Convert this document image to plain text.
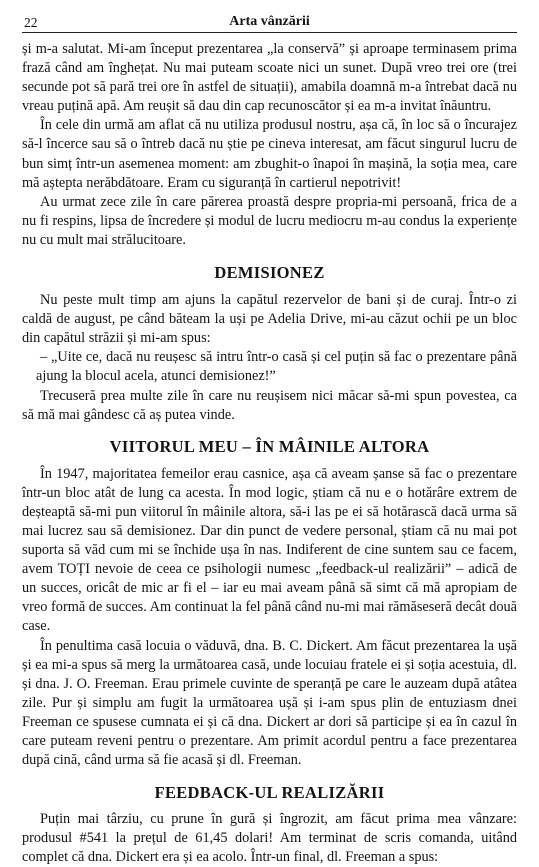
22	Arta vânzării

și m-a salutat. Mi-am început prezentarea „la conservă” și aproape terminasem prima frază când am înghețat. Nu mai puteam scoate nici un sunet. După vreo trei ore (trei secunde pot să pară trei ore în astfel de situații), amabila doamnă m-a întrebat dacă nu vreau puțină apă. Am reușit să dau din cap recunoscător și ea m-a invitat înăuntru.

În cele din urmă am aflat că nu utiliza produsul nostru, așa că, în loc să o încurajez să-l încerce sau să o întreb dacă nu știe pe cineva interesat, am făcut singurul lucru de bun simț într-un asemenea moment: am zbughit-o înapoi în mașină, la soția mea, care mă aștepta nerăbdătoare. Eram cu siguranță în cartierul nepotrivit!

Au urmat zece zile în care părerea proastă despre propria-mi persoană, frica de a nu fi respins, lipsa de încredere și modul de lucru mediocru m-au condus la experiențe nu cu mult mai strălucitoare.

DEMISIONEZ

Nu peste mult timp am ajuns la capătul rezervelor de bani și de curaj. Într-o zi caldă de august, pe când băteam la uși pe Adelia Drive, mi-au căzut ochii pe un bloc din capătul străzii și mi-am spus:

– „Uite ce, dacă nu reușesc să intru într-o casă și cel puțin să fac o prezentare până ajung la blocul acela, atunci demisionez!”

Trecuseră prea multe zile în care nu reușisem nici măcar să-mi spun povestea, ca să mă mai gândesc că aș putea vinde.

VIITORUL MEU – ÎN MÂINILE ALTORA

În 1947, majoritatea femeilor erau casnice, așa că aveam șanse să fac o prezentare într-un bloc atât de lung ca acesta. În mod logic, știam că nu e o hotărâre extrem de deșteaptă să-mi pun viitorul în mâinile altora, să-i las pe ei să hotărască dacă urma să mai lucrez sau să demisionez. Dar din punct de vedere personal, știam că nu mai pot suporta să văd cum mi se închide ușa în nas. Indiferent de cine suntem sau ce facem, avem TOȚI nevoie de ceea ce psihologii numesc „feedback-ul realizării” – adică de un succes, oricât de mic ar fi el – iar eu mai aveam până să simt că mă apropiam de vreo formă de succes. Am continuat la fel până când nu-mi mai rămăseseră decât două case.

În penultima casă locuia o văduvă, dna. B. C. Dickert. Am făcut prezentarea la ușă și ea mi-a spus să merg la următoarea casă, unde locuiau fratele ei și soția acestuia, dl. și dna. J. O. Freeman. Erau primele cuvinte de speranță pe care le auzeam după atâtea zile. Pur și simplu am fugit la următoarea ușă și i-am spus plin de entuziasm dnei Freeman ce spusese cumnata ei și că dna. Dickert ar dori să participe și ea în cazul în care puteam reveni pentru o prezentare. Am primit acordul pentru a face prezentarea după cină, când urma să fie acasă și dl. Freeman.

FEEDBACK-UL REALIZĂRII

Puțin mai târziu, cu prune în gură și îngrozit, am făcut prima mea vânzare: produsul #541 la prețul de 61,45 dolari! Am terminat de scris comanda, uitând complet că dna. Dickert era și ea acolo. Într-un final, dl. Freeman a spus:
